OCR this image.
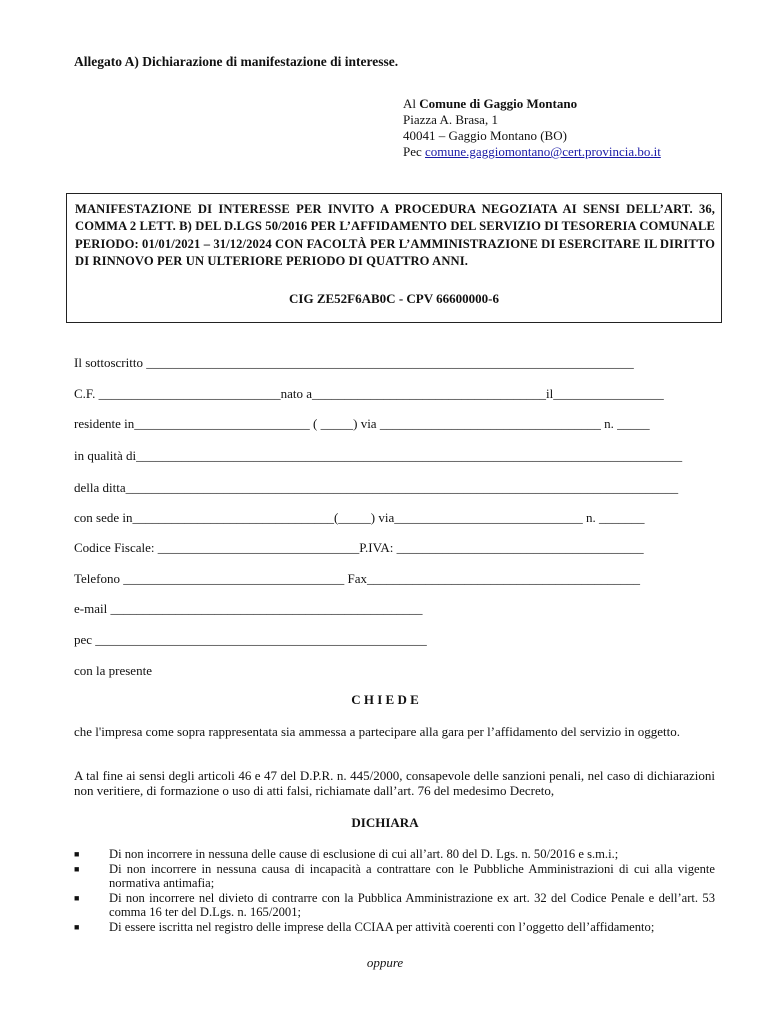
Allegato A) Dichiarazione di manifestazione di interesse.
Al Comune di Gaggio Montano
Piazza A. Brasa, 1
40041 – Gaggio Montano (BO)
Pec comune.gaggiomontano@cert.provincia.bo.it
MANIFESTAZIONE DI INTERESSE PER INVITO A PROCEDURA NEGOZIATA AI SENSI DELL’ART. 36, COMMA 2 LETT. B) DEL D.LGS 50/2016 PER L’AFFIDAMENTO DEL SERVIZIO DI TESORERIA COMUNALE PERIODO: 01/01/2021 – 31/12/2024 CON FACOLTÀ PER L’AMMINISTRAZIONE DI ESERCITARE IL DIRITTO DI RINNOVO PER UN ULTERIORE PERIODO DI QUATTRO ANNI.
CIG ZE52F6AB0C - CPV 66600000-6
Il sottoscritto ___________________________________________________________________________
C.F. ____________________________nato a____________________________________il_________________
residente in___________________________ ( _____) via __________________________________ n. _____
in qualità di____________________________________________________________________________________
della ditta_____________________________________________________________________________________
con sede in_______________________________(_____) via_____________________________ n. _______
Codice Fiscale: _______________________________P.IVA: ______________________________________
Telefono __________________________________ Fax__________________________________________
e-mail ________________________________________________
pec ___________________________________________________
con la presente
C H I E D E
che l'impresa come sopra rappresentata sia ammessa a partecipare alla gara per l’affidamento del servizio in oggetto.
A tal fine ai sensi degli articoli 46 e 47 del D.P.R. n. 445/2000, consapevole delle sanzioni penali, nel caso di dichiarazioni non veritiere, di formazione o uso di atti falsi, richiamate dall’art. 76 del medesimo Decreto,
DICHIARA
■ Di non incorrere in nessuna delle cause di esclusione di cui all’art. 80 del D. Lgs. n. 50/2016 e s.m.i.;
■ Di non incorrere in nessuna causa di incapacità a contrattare con le Pubbliche Amministrazioni di cui alla vigente normativa antimafia;
■ Di non incorrere nel divieto di contrarre con la Pubblica Amministrazione ex art. 32 del Codice Penale e dell’art. 53 comma 16 ter del D.Lgs. n. 165/2001;
■ Di essere iscritta nel registro delle imprese della CCIAA per attività coerenti con l’oggetto dell’affidamento;
oppure
